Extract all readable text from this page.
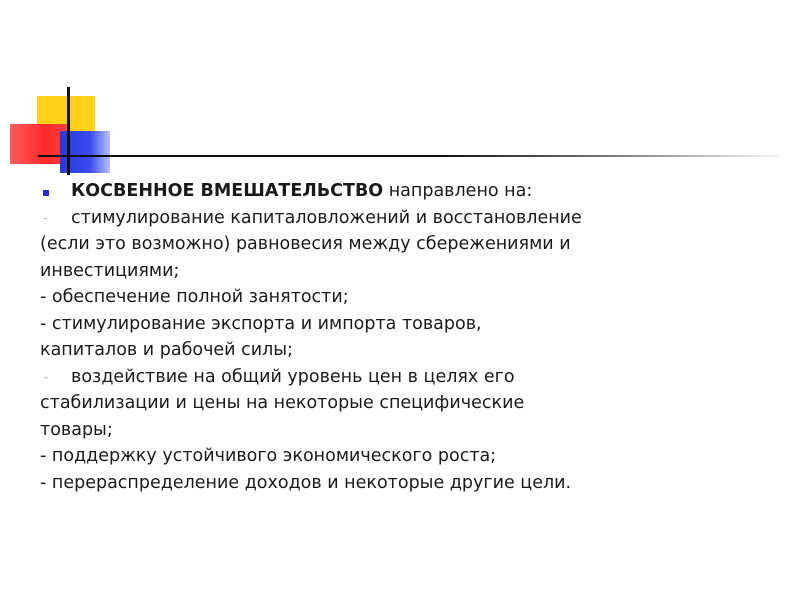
КОСВЕННОЕ ВМЕШАТЕЛЬСТВО направлено на:
- стимулирование капиталовложений и восстановление
(если это возможно) равновесия между сбережениями и
инвестициями;
- обеспечение полной занятости;
- стимулирование экспорта и импорта товаров,
капиталов и рабочей силы;
- воздействие на общий уровень цен в целях его
стабилизации и цены на некоторые специфические
товары;
- поддержку устойчивого экономического роста;
- перераспределение доходов и некоторые другие цели.
